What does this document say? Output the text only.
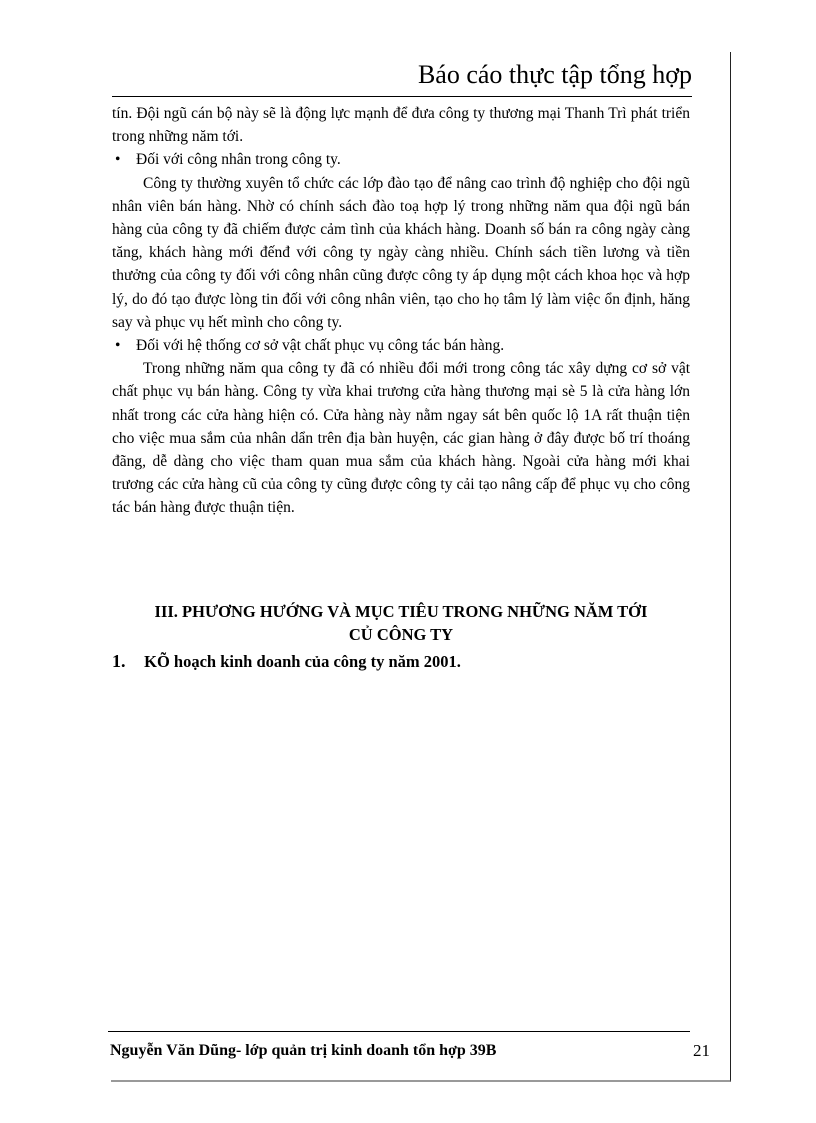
Báo cáo thực tập tổng hợp

tín. Đội ngũ cán bộ này sẽ là động lực mạnh để đưa công ty thương mại Thanh Trì phát triển trong những năm tới.

• Đối với công nhân trong công ty.

Công ty thường xuyên tổ chức các lớp đào tạo để nâng cao trình độ nghiệp cho đội ngũ nhân viên bán hàng. Nhờ có chính sách đào toạ hợp lý trong những năm qua đội ngũ bán hàng của công ty đã chiếm được cảm tình của khách hàng. Doanh số bán ra công ngày càng tăng, khách hàng mới đếnđ với công ty ngày càng nhiều. Chính sách tiền lương và tiền thưởng của công ty đối với công nhân cũng được công ty áp dụng một cách khoa học và hợp lý, do đó tạo được lòng tin đối với công nhân viên, tạo cho họ tâm lý làm việc ổn định, hăng say và phục vụ hết mình cho công ty.

• Đối với hệ thống cơ sở vật chất phục vụ công tác bán hàng.

Trong những năm qua công ty đã có nhiều đổi mới trong công tác xây dựng cơ sở vật chất phục vụ bán hàng. Công ty vừa khai trương cửa hàng thương mại sè 5 là cửa hàng lớn nhất trong các cửa hàng hiện có. Cửa hàng này nằm ngay sát bên quốc lộ 1A rất thuận tiện cho việc mua sắm của nhân dẩn trên địa bàn huyện, các gian hàng ở đây được bố trí thoáng đãng, dễ dàng cho việc tham quan mua sắm của khách hàng. Ngoài cửa hàng mới khai trương các cửa hàng cũ của công ty cũng được công ty cải tạo nâng cấp để phục vụ cho công tác bán hàng được thuận tiện.

III. PHƯƠNG HƯỚNG VÀ MỤC TIÊU TRONG NHỮNG NĂM TỚI
CỦ CÔNG TY
1. KÕ hoạch kinh doanh của công ty năm 2001.
Nguyễn Văn Dũng- lớp quản trị kinh doanh tổn hợp 39B	21
